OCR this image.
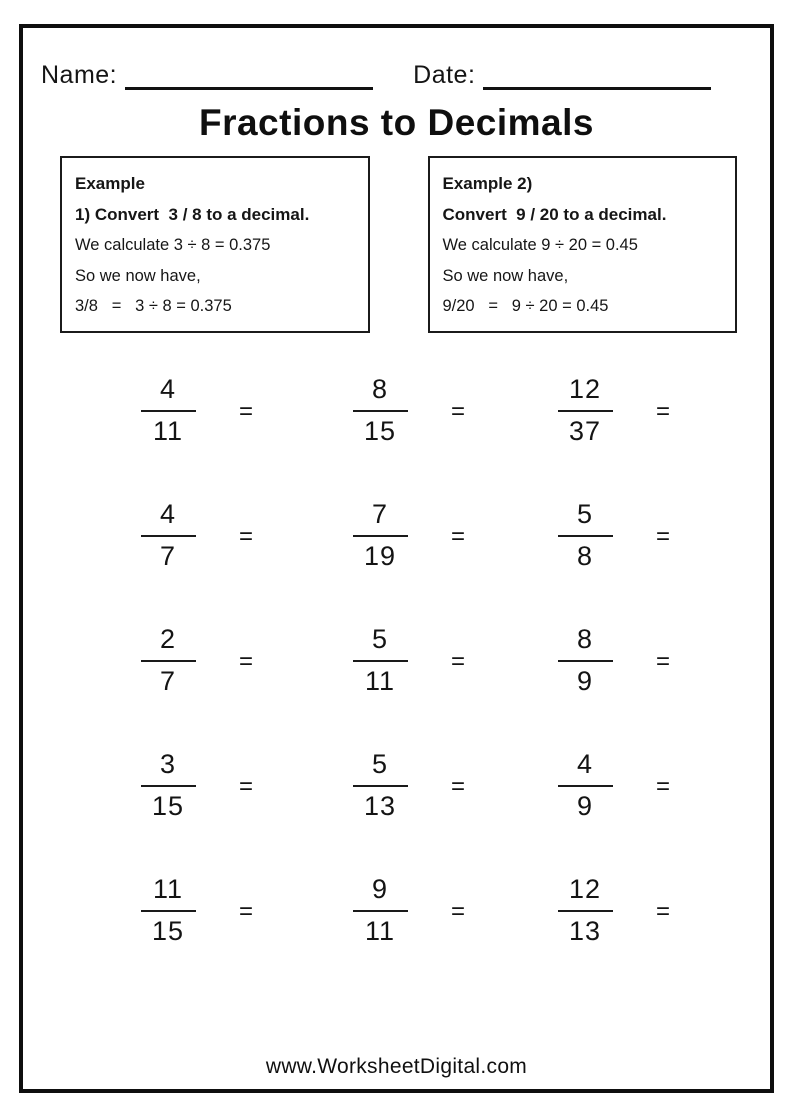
Name:	Date:
Fractions to Decimals
Example
1) Convert  3 / 8 to a decimal.
We calculate 3 ÷ 8 = 0.375
So we now have,
3/8   =   3 ÷ 8 = 0.375
Example 2)
Convert  9 / 20 to a decimal.
We calculate 9 ÷ 20 = 0.45
So we now have,
9/20   =   9 ÷ 20 = 0.45
$\frac{4}{11}$ =	$\frac{8}{15}$ =	$\frac{12}{37}$ =
$\frac{4}{7}$ =	$\frac{7}{19}$ =	$\frac{5}{8}$ =
$\frac{2}{7}$ =	$\frac{5}{11}$ =	$\frac{8}{9}$ =
$\frac{3}{15}$ =	$\frac{5}{13}$ =	$\frac{4}{9}$ =
$\frac{11}{15}$ =	$\frac{9}{11}$ =	$\frac{12}{13}$ =
www.WorksheetDigital.com
